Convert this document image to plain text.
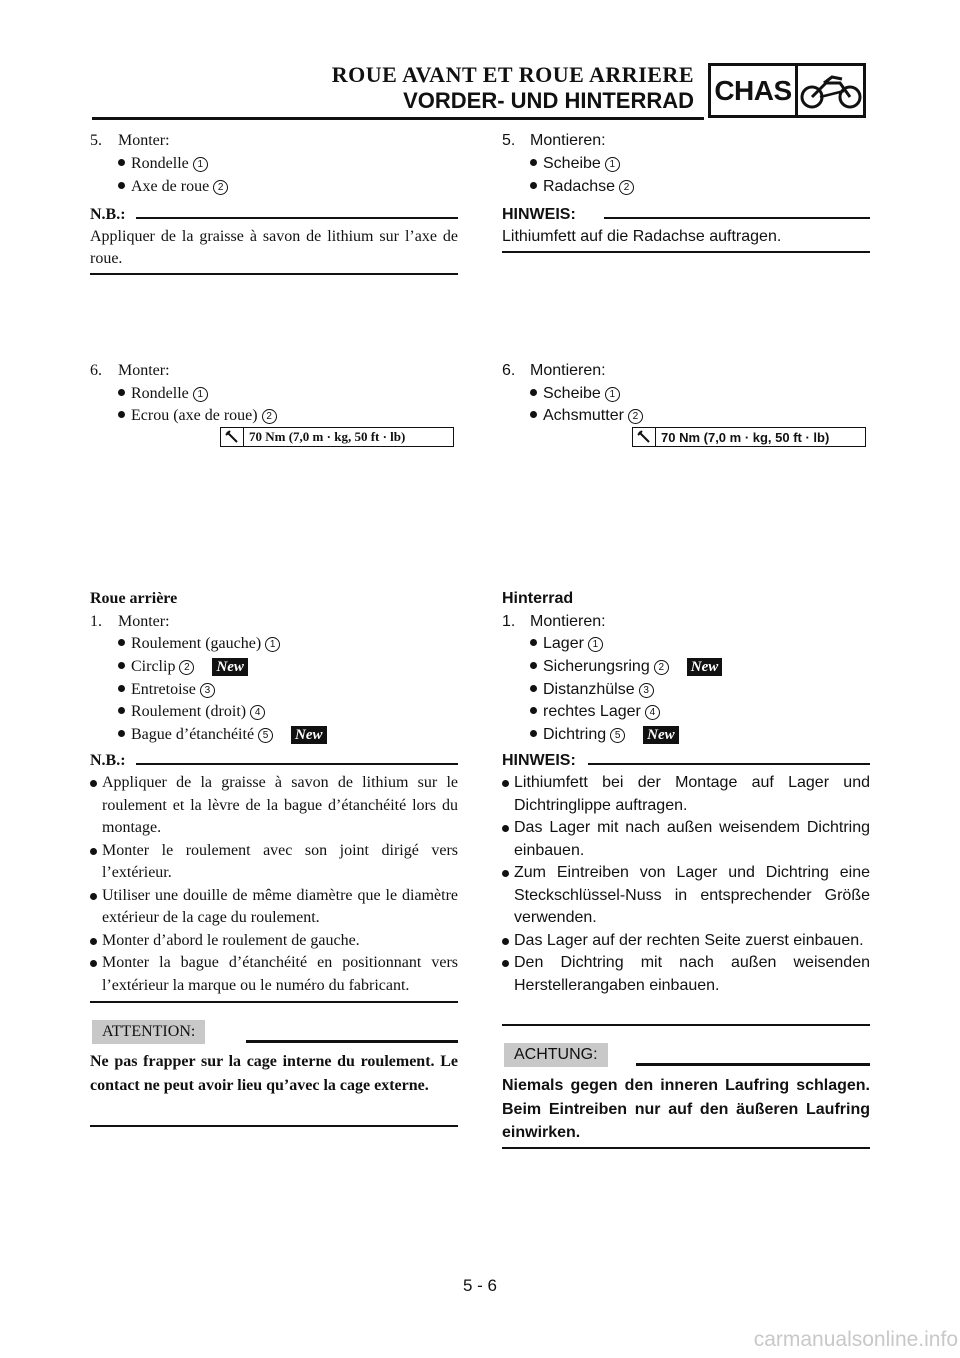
ROUE AVANT ET ROUE ARRIERE
VORDER- UND HINTERRAD CHAS
5. Monter:
Rondelle 1
Axe de roue 2
N.B.:
Appliquer de la graisse à savon de lithium sur l’axe de roue.
6. Monter:
Rondelle 1
Ecrou (axe de roue) 2
70 Nm (7,0 m · kg, 50 ft · lb)
Roue arrière
1. Monter:
Roulement (gauche) 1
Circlip 2 New
Entretoise 3
Roulement (droit) 4
Bague d’étanchéité 5 New
N.B.:
Appliquer de la graisse à savon de lithium sur le roulement et la lèvre de la bague d’étanchéité lors du montage.
Monter le roulement avec son joint dirigé vers l’extérieur.
Utiliser une douille de même diamètre que le diamètre extérieur de la cage du roulement.
Monter d’abord le roulement de gauche.
Monter la bague d’étanchéité en positionnant vers l’extérieur la marque ou le numéro du fabricant.
ATTENTION:
Ne pas frapper sur la cage interne du roulement. Le contact ne peut avoir lieu qu’avec la cage externe.
5. Montieren:
Scheibe 1
Radachse 2
HINWEIS:
Lithiumfett auf die Radachse auftragen.
6. Montieren:
Scheibe 1
Achsmutter 2
70 Nm (7,0 m · kg, 50 ft · lb)
Hinterrad
1. Montieren:
Lager 1
Sicherungsring 2 New
Distanzhülse 3
rechtes Lager 4
Dichtring 5 New
HINWEIS:
Lithiumfett bei der Montage auf Lager und Dichtringlippe auftragen.
Das Lager mit nach außen weisendem Dichtring einbauen.
Zum Eintreiben von Lager und Dichtring eine Steckschlüssel-Nuss in entsprechender Größe verwenden.
Das Lager auf der rechten Seite zuerst einbauen.
Den Dichtring mit nach außen weisenden Herstellerangaben einbauen.
ACHTUNG:
Niemals gegen den inneren Laufring schlagen. Beim Eintreiben nur auf den äußeren Laufring einwirken.
5 - 6
carmanualsonline.info
